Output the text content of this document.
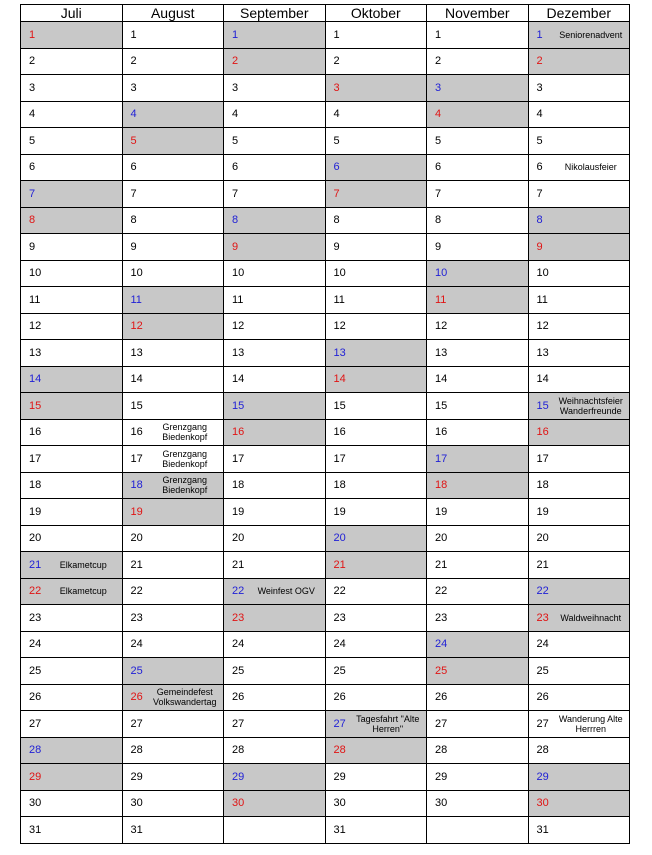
Juli	August	September	Oktober	November	Dezember

1	1	1	1	1	1 Seniorenadvent

2	2	2	2	2	2

3	3	3	3	3	3

4	4	4	4	4	4

5	5	5	5	5	5

6	6	6	6	6	6 Nikolausfeier

7	7	7	7	7	7

8	8	8	8	8	8

9	9	9	9	9	9

10	10	10	10	10	10

11	11	11	11	11	11

12	12	12	12	12	12

13	13	13	13	13	13

14	14	14	14	14	14

15	15	15	15	15	15 Weihnachtsfeier
Wanderfreunde

16	16 Grenzgang
Biedenkopf	16	16	16	16

17	17 Grenzgang
Biedenkopf	17	17	17	17

18	18 Grenzgang
Biedenkopf	18	18	18	18

19	19	19	19	19	19

20	20	20	20	20	20

21 Elkametcup	21	21	21	21	21

22 Elkametcup	22	22 Weinfest OGV	22	22	22

23	23	23	23	23	23 Waldweihnacht

24	24	24	24	24	24

25	25	25	25	25	25

26	26 Gemeindefest
Volkswandertag	26	26	26	26

27	27	27	27 Tagesfahrt "Alte
Herren"	27	27 Wanderung Alte
Herrren

28	28	28	28	28	28

29	29	29	29	29	29

30	30	30	30	30	30

31	31		31		31
